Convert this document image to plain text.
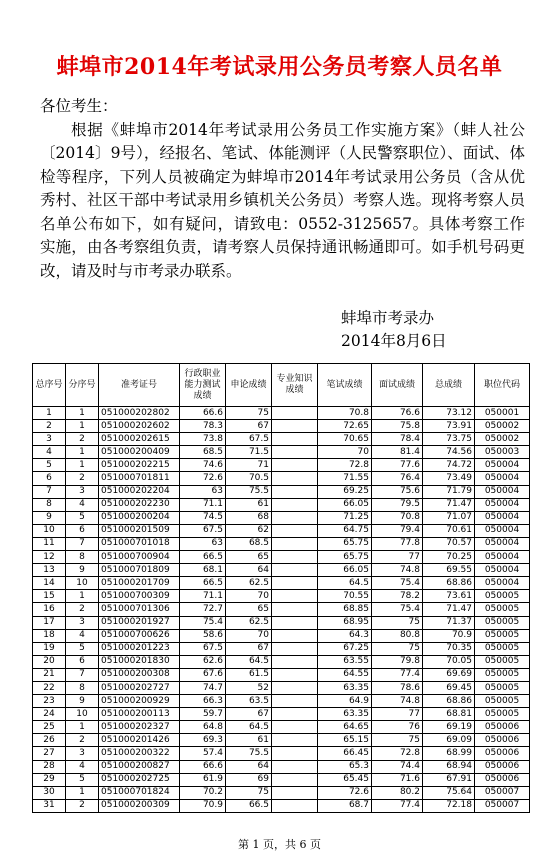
蚌埠市2014年考试录用公务员考察人员名单

各位考生：

根据《蚌埠市2014年考试录用公务员工作实施方案》（蚌人社公〔2014〕9号），经报名、笔试、体能测评（人民警察职位）、面试、体检等程序，下列人员被确定为蚌埠市2014年考试录用公务员（含从优秀村、社区干部中考试录用乡镇机关公务员）考察人选。现将考察人员名单公布如下，如有疑问，请致电：0552-3125657。具体考察工作实施，由各考察组负责，请考察人员保持通讯畅通即可。如手机号码更改，请及时与市考录办联系。

蚌埠市考录办
2014年8月6日
总序号	分序号	准考证号	行政职业能力测试成绩	申论成绩	专业知识成绩	笔试成绩	面试成绩	总成绩	职位代码
1	1	051000202802	66.6	75		70.8	76.6	73.12	050001
2	1	051000202602	78.3	67		72.65	75.8	73.91	050002
3	2	051000202615	73.8	67.5		70.65	78.4	73.75	050002
4	1	051000200409	68.5	71.5		70	81.4	74.56	050003
5	1	051000202215	74.6	71		72.8	77.6	74.72	050004
6	2	051000701811	72.6	70.5		71.55	76.4	73.49	050004
7	3	051000202204	63	75.5		69.25	75.6	71.79	050004
8	4	051000202230	71.1	61		66.05	79.5	71.47	050004
9	5	051000200204	74.5	68		71.25	70.8	71.07	050004
10	6	051000201509	67.5	62		64.75	79.4	70.61	050004
11	7	051000701018	63	68.5		65.75	77.8	70.57	050004
12	8	051000700904	66.5	65		65.75	77	70.25	050004
13	9	051000701809	68.1	64		66.05	74.8	69.55	050004
14	10	051000201709	66.5	62.5		64.5	75.4	68.86	050004
15	1	051000700309	71.1	70		70.55	78.2	73.61	050005
16	2	051000701306	72.7	65		68.85	75.4	71.47	050005
17	3	051000201927	75.4	62.5		68.95	75	71.37	050005
18	4	051000700626	58.6	70		64.3	80.8	70.9	050005
19	5	051000201223	67.5	67		67.25	75	70.35	050005
20	6	051000201830	62.6	64.5		63.55	79.8	70.05	050005
21	7	051000200308	67.6	61.5		64.55	77.4	69.69	050005
22	8	051000202727	74.7	52		63.35	78.6	69.45	050005
23	9	051000200929	66.3	63.5		64.9	74.8	68.86	050005
24	10	051000200113	59.7	67		63.35	77	68.81	050005
25	1	051000202327	64.8	64.5		64.65	76	69.19	050006
26	2	051000201426	69.3	61		65.15	75	69.09	050006
27	3	051000200322	57.4	75.5		66.45	72.8	68.99	050006
28	4	051000200827	66.6	64		65.3	74.4	68.94	050006
29	5	051000202725	61.9	69		65.45	71.6	67.91	050006
30	1	051000701824	70.2	75		72.6	80.2	75.64	050007
31	2	051000200309	70.9	66.5		68.7	77.4	72.18	050007
第 1 页，共 6 页
